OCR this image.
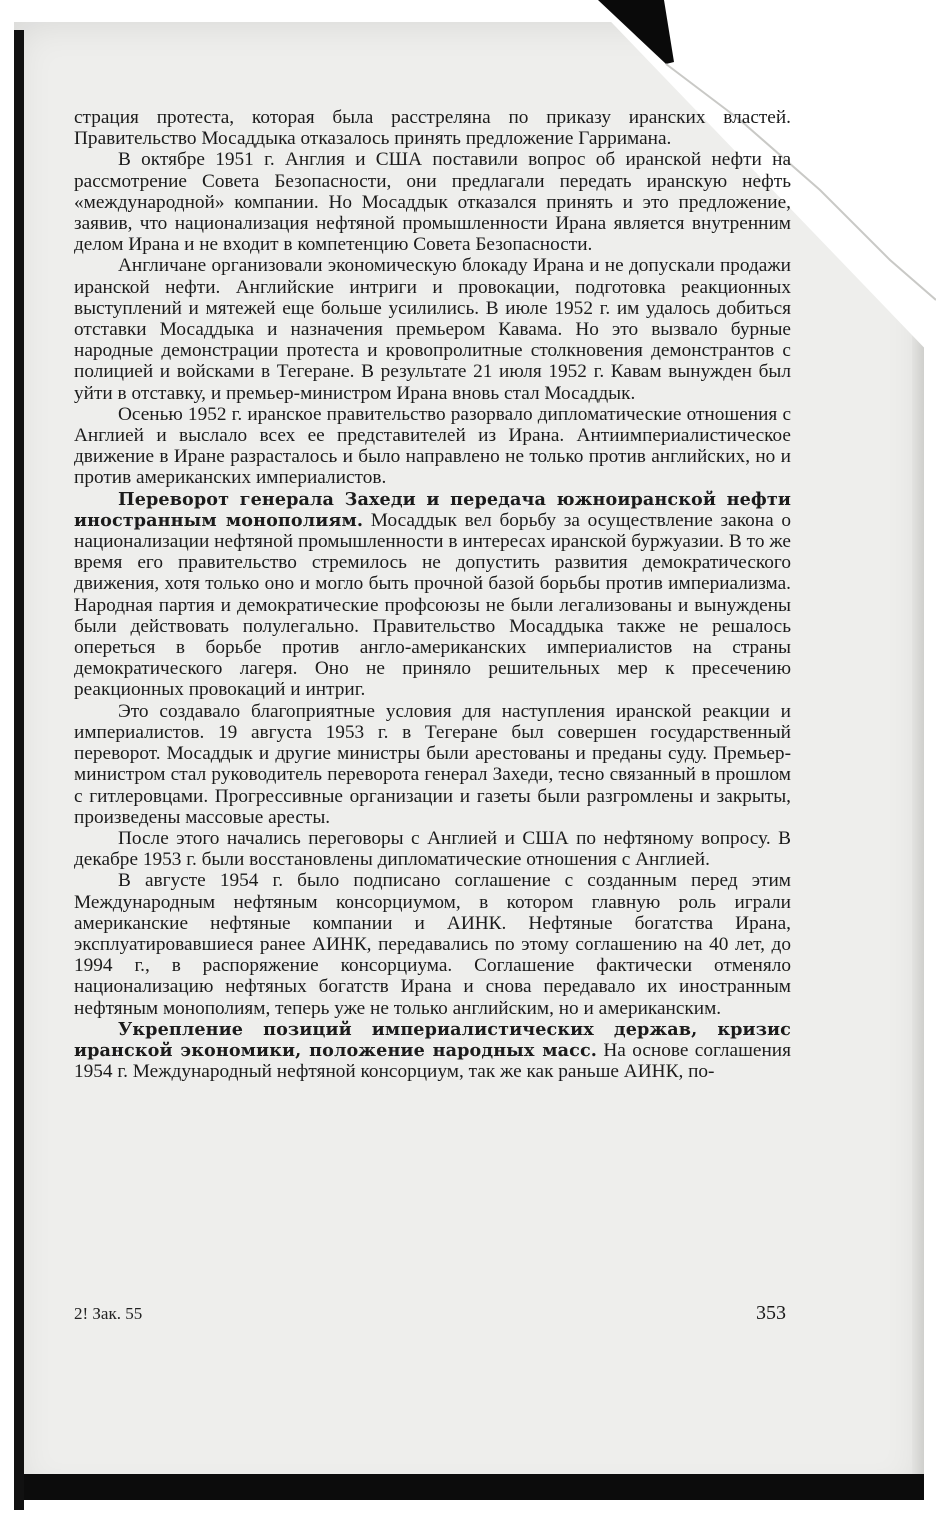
страция протеста, которая была расстреляна по приказу иранских властей. Правительство Мосаддыка отказалось принять предложение Гарримана.

В октябре 1951 г. Англия и США поставили вопрос об иранской нефти на рассмотрение Совета Безопасности, они предлагали передать иранскую нефть «международной» компании. Но Мосаддык отказался принять и это предложение, заявив, что национализация нефтяной промышленности Ирана является внутренним делом Ирана и не входит в компетенцию Совета Безопасности.

Англичане организовали экономическую блокаду Ирана и не допускали продажи иранской нефти. Английские интриги и провокации, подготовка реакционных выступлений и мятежей еще больше усилились. В июле 1952 г. им удалось добиться отставки Мосаддыка и назначения премьером Кавама. Но это вызвало бурные народные демонстрации протеста и кровопролитные столкновения демонстрантов с полицией и войсками в Тегеране. В результате 21 июля 1952 г. Кавам вынужден был уйти в отставку, и премьер-министром Ирана вновь стал Мосаддык.

Осенью 1952 г. иранское правительство разорвало дипломатические отношения с Англией и выслало всех ее представителей из Ирана. Антиимпериалистическое движение в Иране разрасталось и было направлено не только против английских, но и против американских империалистов.

Переворот генерала Захеди и передача южноиранской нефти иностранным монополиям. Мосаддык вел борьбу за осуществление закона о национализации нефтяной промышленности в интересах иранской буржуазии. В то же время его правительство стремилось не допустить развития демократического движения, хотя только оно и могло быть прочной базой борьбы против империализма. Народная партия и демократические профсоюзы не были легализованы и вынуждены были действовать полулегально. Правительство Мосаддыка также не решалось опереться в борьбе против англо-американских империалистов на страны демократического лагеря. Оно не приняло решительных мер к пресечению реакционных провокаций и интриг.

Это создавало благоприятные условия для наступления иранской реакции и империалистов. 19 августа 1953 г. в Тегеране был совершен государственный переворот. Мосаддык и другие министры были арестованы и преданы суду. Премьер-министром стал руководитель переворота генерал Захеди, тесно связанный в прошлом с гитлеровцами. Прогрессивные организации и газеты были разгромлены и закрыты, произведены массовые аресты.

После этого начались переговоры с Англией и США по нефтяному вопросу. В декабре 1953 г. были восстановлены дипломатические отношения с Англией.

В августе 1954 г. было подписано соглашение с созданным перед этим Международным нефтяным консорциумом, в котором главную роль играли американские нефтяные компании и АИНК. Нефтяные богатства Ирана, эксплуатировавшиеся ранее АИНК, передавались по этому соглашению на 40 лет, до 1994 г., в распоряжение консорциума. Соглашение фактически отменяло национализацию нефтяных богатств Ирана и снова передавало их иностранным нефтяным монополиям, теперь уже не только английским, но и американским.

Укрепление позиций империалистических держав, кризис иранской экономики, положение народных масс. На основе соглашения 1954 г. Международный нефтяной консорциум, так же как раньше АИНК, по-

2! Зак. 55	353
